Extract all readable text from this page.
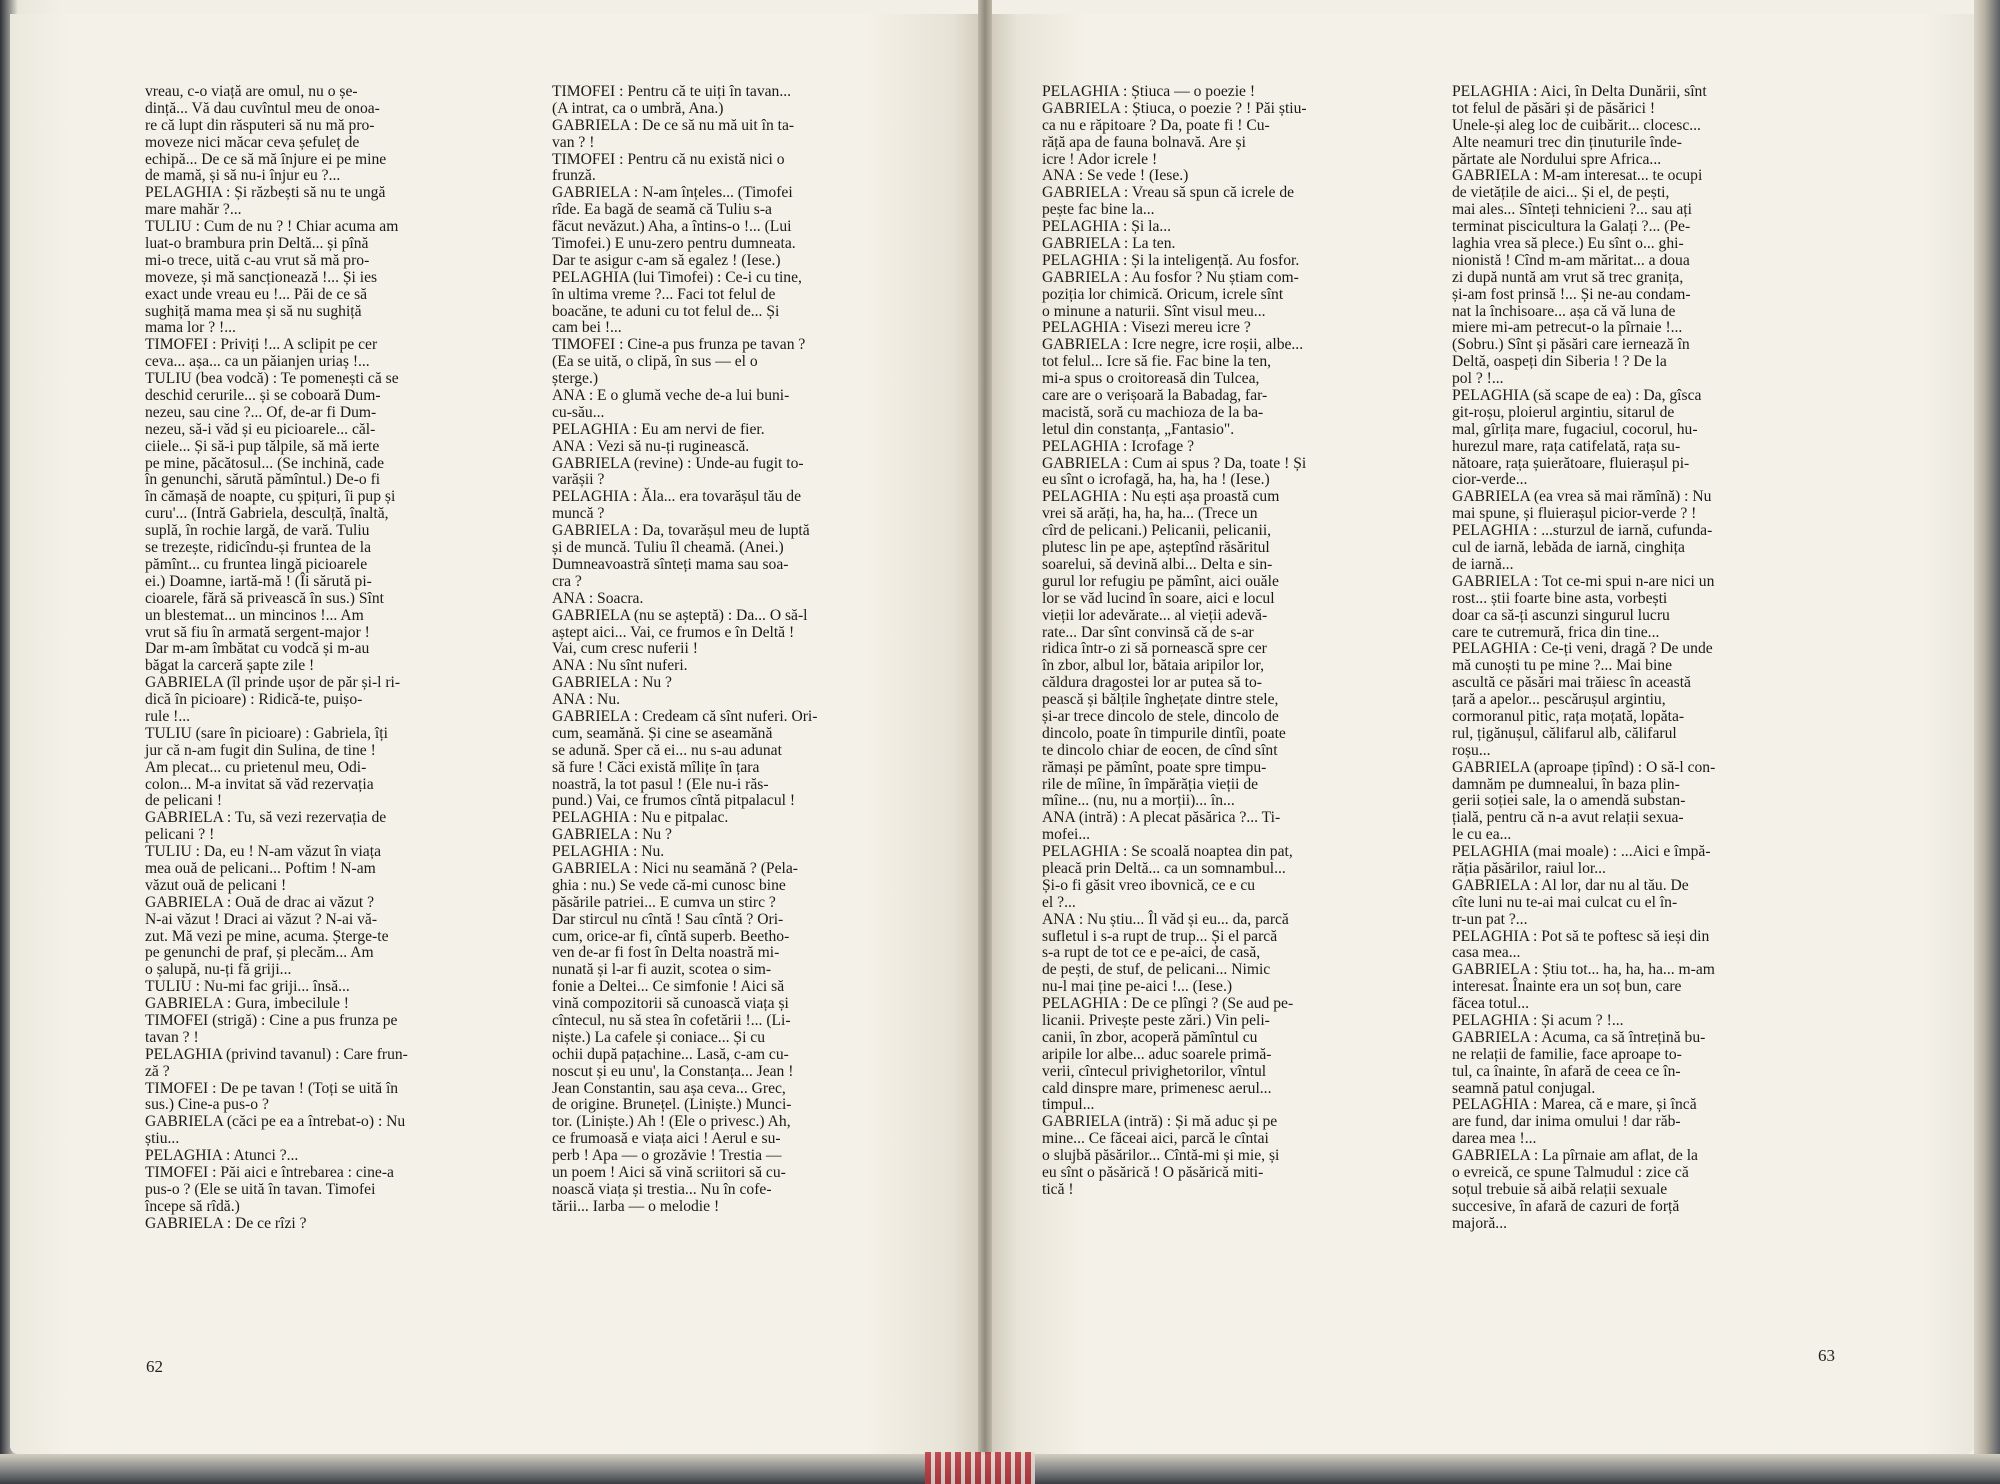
vreau, c-o viață are omul, nu o șe-
dință... Vă dau cuvîntul meu de onoa-
re că lupt din răsputeri să nu mă pro-
moveze nici măcar ceva șefuleț de
echipă... De ce să mă înjure ei pe mine
de mamă, și să nu-i înjur eu ?...
PELAGHIA : Și răzbești să nu te ungă
mare mahăr ?...
TULIU : Cum de nu ? ! Chiar acuma am
luat-o brambura prin Deltă... și pînă
mi-o trece, uită c-au vrut să mă pro-
moveze, și mă sancționează !... Și ies
exact unde vreau eu !... Păi de ce să
sughiță mama mea și să nu sughiță
mama lor ? !...
TIMOFEI : Priviți !... A sclipit pe cer
ceva... așa... ca un păianjen uriaș !...
TULIU (bea vodcă) : Te pomenești că se
deschid cerurile... și se coboară Dum-
nezeu, sau cine ?... Of, de-ar fi Dum-
nezeu, să-i văd și eu picioarele... căl-
ciiele... Și să-i pup tălpile, să mă ierte
pe mine, păcătosul... (Se inchină, cade
în genunchi, sărută pămîntul.) De-o fi
în cămașă de noapte, cu șpițuri, îi pup și
curu'... (Intră Gabriela, desculță, înaltă,
suplă, în rochie largă, de vară. Tuliu
se trezește, ridicîndu-și fruntea de la
pămînt... cu fruntea lingă picioarele
ei.) Doamne, iartă-mă ! (Îi sărută pi-
cioarele, fără să privească în sus.) Sînt
un blestemat... un mincinos !... Am
vrut să fiu în armată sergent-major !
Dar m-am îmbătat cu vodcă și m-au
băgat la carceră șapte zile !
GABRIELA (îl prinde ușor de păr și-l ri-
dică în picioare) : Ridică-te, puișo-
rule !...
TULIU (sare în picioare) : Gabriela, îți
jur că n-am fugit din Sulina, de tine !
Am plecat... cu prietenul meu, Odi-
colon... M-a invitat să văd rezervația
de pelicani !
GABRIELA : Tu, să vezi rezervația de
pelicani ? !
TULIU : Da, eu ! N-am văzut în viața
mea ouă de pelicani... Poftim ! N-am
văzut ouă de pelicani !
GABRIELA : Ouă de drac ai văzut ?
N-ai văzut ! Draci ai văzut ? N-ai vă-
zut. Mă vezi pe mine, acuma. Șterge-te
pe genunchi de praf, și plecăm... Am
o șalupă, nu-ți fă griji...
TULIU : Nu-mi fac griji... însă...
GABRIELA : Gura, imbecilule !
TIMOFEI (strigă) : Cine a pus frunza pe
tavan ? !
PELAGHIA (privind tavanul) : Care frun-
ză ?
TIMOFEI : De pe tavan ! (Toți se uită în
sus.) Cine-a pus-o ?
GABRIELA (căci pe ea a întrebat-o) : Nu
știu...
PELAGHIA : Atunci ?...
TIMOFEI : Păi aici e întrebarea : cine-a
pus-o ? (Ele se uită în tavan. Timofei
începe să rîdă.)
GABRIELA : De ce rîzi ?
TIMOFEI : Pentru că te uiți în tavan...
(A intrat, ca o umbră, Ana.)
GABRIELA : De ce să nu mă uit în ta-
van ? !
TIMOFEI : Pentru că nu există nici o
frunză.
GABRIELA : N-am înțeles... (Timofei
rîde. Ea bagă de seamă că Tuliu s-a
făcut nevăzut.) Aha, a întins-o !... (Lui
Timofei.) E unu-zero pentru dumneata.
Dar te asigur c-am să egalez ! (Iese.)
PELAGHIA (lui Timofei) : Ce-i cu tine,
în ultima vreme ?... Faci tot felul de
boacăne, te aduni cu tot felul de... Și
cam bei !...
TIMOFEI : Cine-a pus frunza pe tavan ?
(Ea se uită, o clipă, în sus — el o
șterge.)
ANA : E o glumă veche de-a lui buni-
cu-său...
PELAGHIA : Eu am nervi de fier.
ANA : Vezi să nu-ți ruginească.
GABRIELA (revine) : Unde-au fugit to-
varășii ?
PELAGHIA : Ăla... era tovarășul tău de
muncă ?
GABRIELA : Da, tovarășul meu de luptă
și de muncă. Tuliu îl cheamă. (Anei.)
Dumneavoastră sînteți mama sau soa-
cra ?
ANA : Soacra.
GABRIELA (nu se așteptă) : Da... O să-l
aștept aici... Vai, ce frumos e în Deltă !
Vai, cum cresc nuferii !
ANA : Nu sînt nuferi.
GABRIELA : Nu ?
ANA : Nu.
GABRIELA : Credeam că sînt nuferi. Ori-
cum, seamănă. Și cine se aseamănă
se adună. Sper că ei... nu s-au adunat
să fure ! Căci există mîlițe în țara
noastră, la tot pasul ! (Ele nu-i răs-
pund.) Vai, ce frumos cîntă pitpalacul !
PELAGHIA : Nu e pitpalac.
GABRIELA : Nu ?
PELAGHIA : Nu.
GABRIELA : Nici nu seamănă ? (Pela-
ghia : nu.) Se vede că-mi cunosc bine
păsările patriei... E cumva un stirc ?
Dar stircul nu cîntă ! Sau cîntă ? Ori-
cum, orice-ar fi, cîntă superb. Beetho-
ven de-ar fi fost în Delta noastră mi-
nunată și l-ar fi auzit, scotea o sim-
fonie a Deltei... Ce simfonie ! Aici să
vină compozitorii să cunoască viața și
cîntecul, nu să stea în cofetării !... (Li-
niște.) La cafele și coniace... Și cu
ochii după pațachine... Lasă, c-am cu-
noscut și eu unu', la Constanța... Jean !
Jean Constantin, sau așa ceva... Grec,
de origine. Brunețel. (Liniște.) Munci-
tor. (Liniște.) Ah ! (Ele o privesc.) Ah,
ce frumoasă e viața aici ! Aerul e su-
perb ! Apa — o grozăvie ! Trestia —
un poem ! Aici să vină scriitori să cu-
noască viața și trestia... Nu în cofe-
tării... Iarba — o melodie !
PELAGHIA : Știuca — o poezie !
GABRIELA : Știuca, o poezie ? ! Păi știu-
ca nu e răpitoare ? Da, poate fi ! Cu-
răță apa de fauna bolnavă. Are și
icre ! Ador icrele !
ANA : Se vede ! (Iese.)
GABRIELA : Vreau să spun că icrele de
pește fac bine la...
PELAGHIA : Și la...
GABRIELA : La ten.
PELAGHIA : Și la inteligență. Au fosfor.
GABRIELA : Au fosfor ? Nu știam com-
poziția lor chimică. Oricum, icrele sînt
o minune a naturii. Sînt visul meu...
PELAGHIA : Visezi mereu icre ?
GABRIELA : Icre negre, icre roșii, albe...
tot felul... Icre să fie. Fac bine la ten,
mi-a spus o croitoreasă din Tulcea,
care are o verișoară la Babadag, far-
macistă, soră cu machioza de la ba-
letul din constanța, „Fantasio".
PELAGHIA : Icrofage ?
GABRIELA : Cum ai spus ? Da, toate ! Și
eu sînt o icrofagă, ha, ha, ha ! (Iese.)
PELAGHIA : Nu ești așa proastă cum
vrei să arăți, ha, ha, ha... (Trece un
cîrd de pelicani.) Pelicanii, pelicanii,
plutesc lin pe ape, așteptînd răsăritul
soarelui, să devină albi... Delta e sin-
gurul lor refugiu pe pămînt, aici ouăle
lor se văd lucind în soare, aici e locul
vieții lor adevărate... al vieții adevă-
rate... Dar sînt convinsă că de s-ar
ridica într-o zi să pornească spre cer
în zbor, albul lor, bătaia aripilor lor,
căldura dragostei lor ar putea să to-
pească și bălțile înghețate dintre stele,
și-ar trece dincolo de stele, dincolo de
dincolo, poate în timpurile dintîi, poate
te dincolo chiar de eocen, de cînd sînt
rămași pe pămînt, poate spre timpu-
rile de mîine, în împărăția vieții de
mîine... (nu, nu a morții)... în...
ANA (intră) : A plecat păsărica ?... Ti-
mofei...
PELAGHIA : Se scoală noaptea din pat,
pleacă prin Deltă... ca un somnambul...
Și-o fi găsit vreo ibovnică, ce e cu
el ?...
ANA : Nu știu... Îl văd și eu... da, parcă
sufletul i s-a rupt de trup... Și el parcă
s-a rupt de tot ce e pe-aici, de casă,
de pești, de stuf, de pelicani... Nimic
nu-l mai ține pe-aici !... (Iese.)
PELAGHIA : De ce plîngi ? (Se aud pe-
licanii. Privește peste zări.) Vin peli-
canii, în zbor, acoperă pămîntul cu
aripile lor albe... aduc soarele primă-
verii, cîntecul privighetorilor, vîntul
cald dinspre mare, primenesc aerul...
timpul...
GABRIELA (intră) : Și mă aduc și pe
mine... Ce făceai aici, parcă le cîntai
o slujbă păsărilor... Cîntă-mi și mie, și
eu sînt o păsărică ! O păsărică miti-
tică !
PELAGHIA : Aici, în Delta Dunării, sînt
tot felul de păsări și de păsărici !
Unele-și aleg loc de cuibărit... clocesc...
Alte neamuri trec din ținuturile înde-
părtate ale Nordului spre Africa...
GABRIELA : M-am interesat... te ocupi
de vietățile de aici... Și el, de pești,
mai ales... Sînteți tehnicieni ?... sau ați
terminat piscicultura la Galați ?... (Pe-
laghia vrea să plece.) Eu sînt o... ghi-
nionistă ! Cînd m-am măritat... a doua
zi după nuntă am vrut să trec granița,
și-am fost prinsă !... Și ne-au condam-
nat la închisoare... așa că vă luna de
miere mi-am petrecut-o la pîrnaie !...
(Sobru.) Sînt și păsări care iernează în
Deltă, oaspeți din Siberia ! ? De la
pol ? !...
PELAGHIA (să scape de ea) : Da, gîsca
git-roșu, ploierul argintiu, sitarul de
mal, gîrlița mare, fugaciul, cocorul, hu-
hurezul mare, rața catifelată, rața su-
nătoare, rața șuierătoare, fluierașul pi-
cior-verde...
GABRIELA (ea vrea să mai rămînă) : Nu
mai spune, și fluierașul picior-verde ? !
PELAGHIA : ...sturzul de iarnă, cufunda-
cul de iarnă, lebăda de iarnă, cinghița
de iarnă...
GABRIELA : Tot ce-mi spui n-are nici un
rost... știi foarte bine asta, vorbești
doar ca să-ți ascunzi singurul lucru
care te cutremură, frica din tine...
PELAGHIA : Ce-ți veni, dragă ? De unde
mă cunoști tu pe mine ?... Mai bine
ascultă ce păsări mai trăiesc în această
țară a apelor... pescărușul argintiu,
cormoranul pitic, rața moțată, lopăta-
rul, țigănușul, călifarul alb, călifarul
roșu...
GABRIELA (aproape țipînd) : O să-l con-
damnăm pe dumnealui, în baza plin-
gerii soției sale, la o amendă substan-
țială, pentru că n-a avut relații sexua-
le cu ea...
PELAGHIA (mai moale) : ...Aici e împă-
răția păsărilor, raiul lor...
GABRIELA : Al lor, dar nu al tău. De
cîte luni nu te-ai mai culcat cu el în-
tr-un pat ?...
PELAGHIA : Pot să te poftesc să ieși din
casa mea...
GABRIELA : Știu tot... ha, ha, ha... m-am
interesat. Înainte era un soț bun, care
făcea totul...
PELAGHIA : Și acum ? !...
GABRIELA : Acuma, ca să întrețină bu-
ne relații de familie, face aproape to-
tul, ca înainte, în afară de ceea ce în-
seamnă patul conjugal.
PELAGHIA : Marea, că e mare, și încă
are fund, dar inima omului ! dar răb-
darea mea !...
GABRIELA : La pîrnaie am aflat, de la
o evreică, ce spune Talmudul : zice că
soțul trebuie să aibă relații sexuale
succesive, în afară de cazuri de forță
majoră...
62
63
